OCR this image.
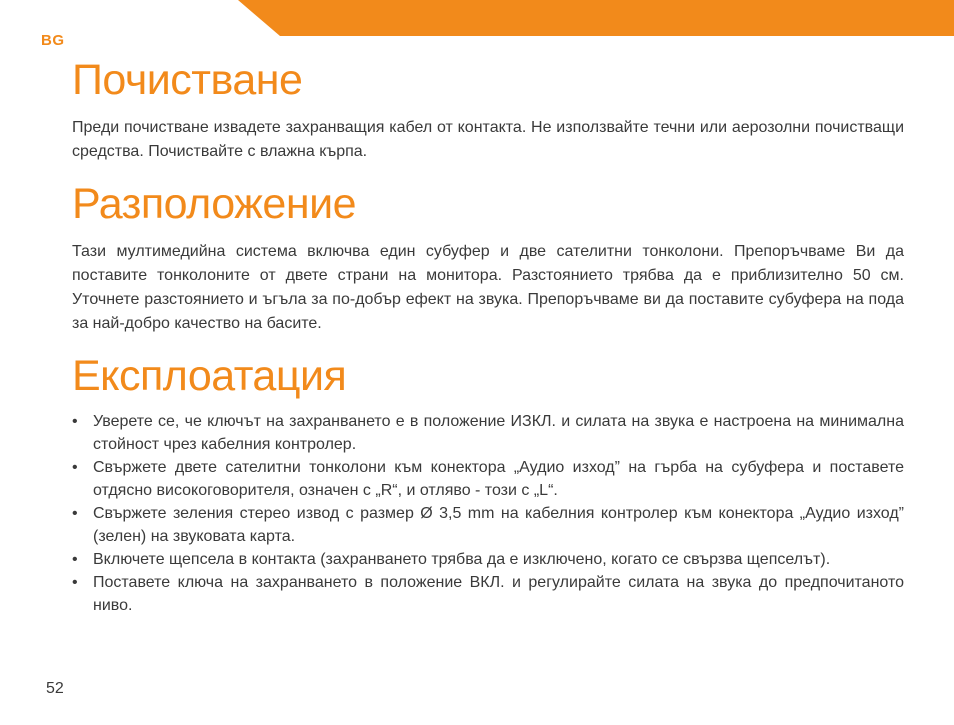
BG
Почистване

Преди почистване извадете захранващия кабел от контакта. Не използвайте течни или аерозолни почистващи средства. Почиствайте с влажна кърпа.

Разположение

Тази мултимедийна система включва един субуфер и две сателитни тонколони. Препоръчваме Ви да поставите тонколоните от двете страни на монитора. Разстоянието трябва да е приблизително 50 см. Уточнете разстоянието и ъгъла за по-добър ефект на звука. Препоръчваме ви да поставите субуфера на пода за най-добро качество на басите.

Експлоатация
• Уверете се, че ключът на захранването е в положение ИЗКЛ. и силата на звука е настроена на минимална стойност чрез кабелния контролер.
• Свържете двете сателитни тонколони към конектора „Аудио изход” на гърба на субуфера и поставете отдясно високоговорителя, означен с „R“, и отляво - този с „L“.
• Свържете зеления стерео извод с размер Ø 3,5 mm на кабелния контролер към конектора „Аудио изход” (зелен) на звуковата карта.
• Включете щепсела в контакта (захранването трябва да е изключено, когато се свързва щепселът).
• Поставете ключа на захранването в положение ВКЛ. и регулирайте силата на звука до предпочитаното ниво.
52
